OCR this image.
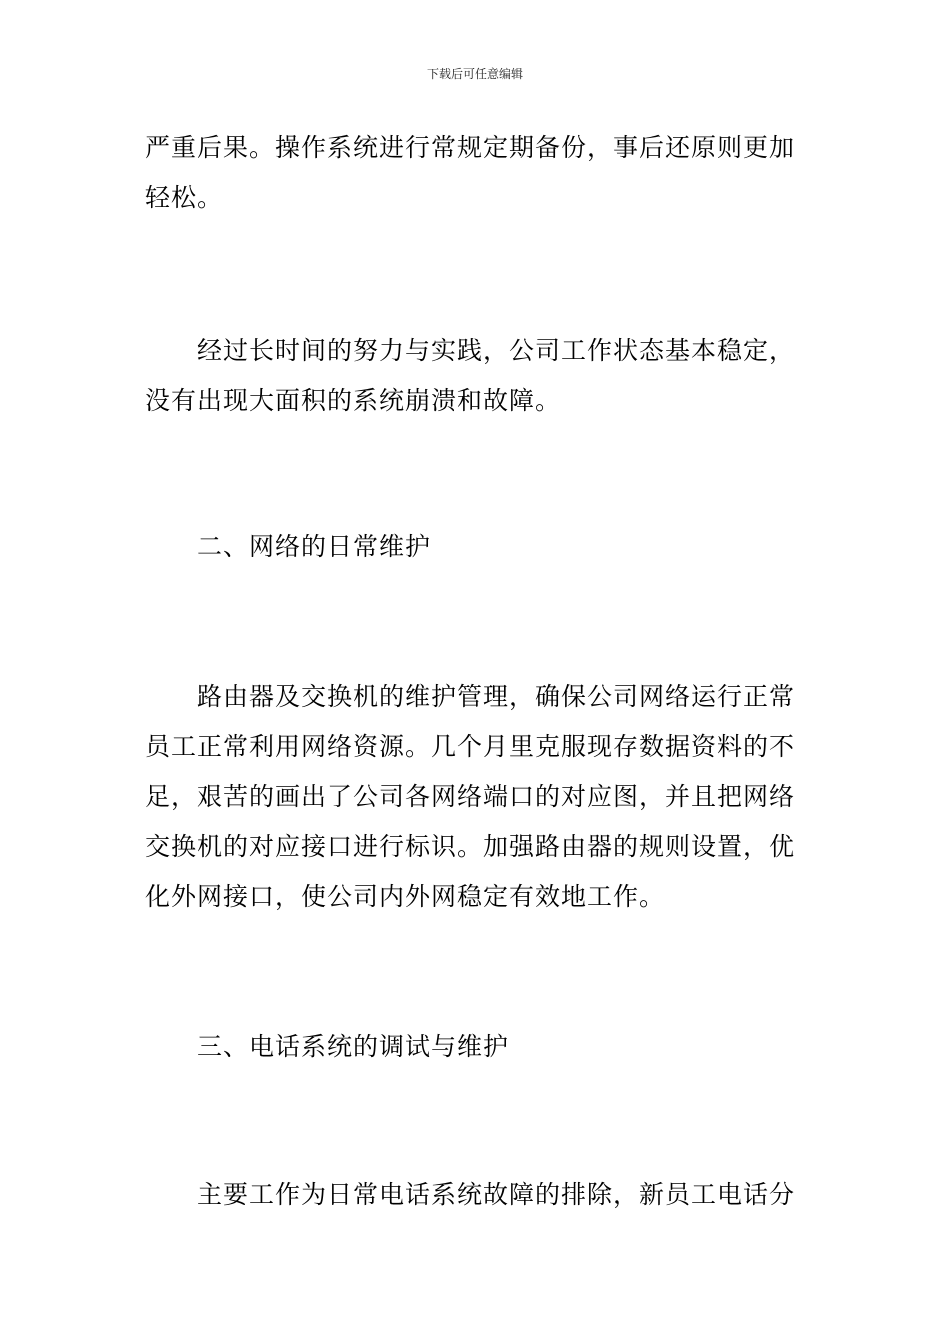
下载后可任意编辑
严重后果。操作系统进行常规定期备份，事后还原则更加
轻松。
经过长时间的努力与实践，公司工作状态基本稳定，
没有出现大面积的系统崩溃和故障。
二、网络的日常维护
路由器及交换机的维护管理，确保公司网络运行正常
员工正常利用网络资源。几个月里克服现存数据资料的不
足，艰苦的画出了公司各网络端口的对应图，并且把网络
交换机的对应接口进行标识。加强路由器的规则设置，优
化外网接口，使公司内外网稳定有效地工作。
三、电话系统的调试与维护
主要工作为日常电话系统故障的排除，新员工电话分
